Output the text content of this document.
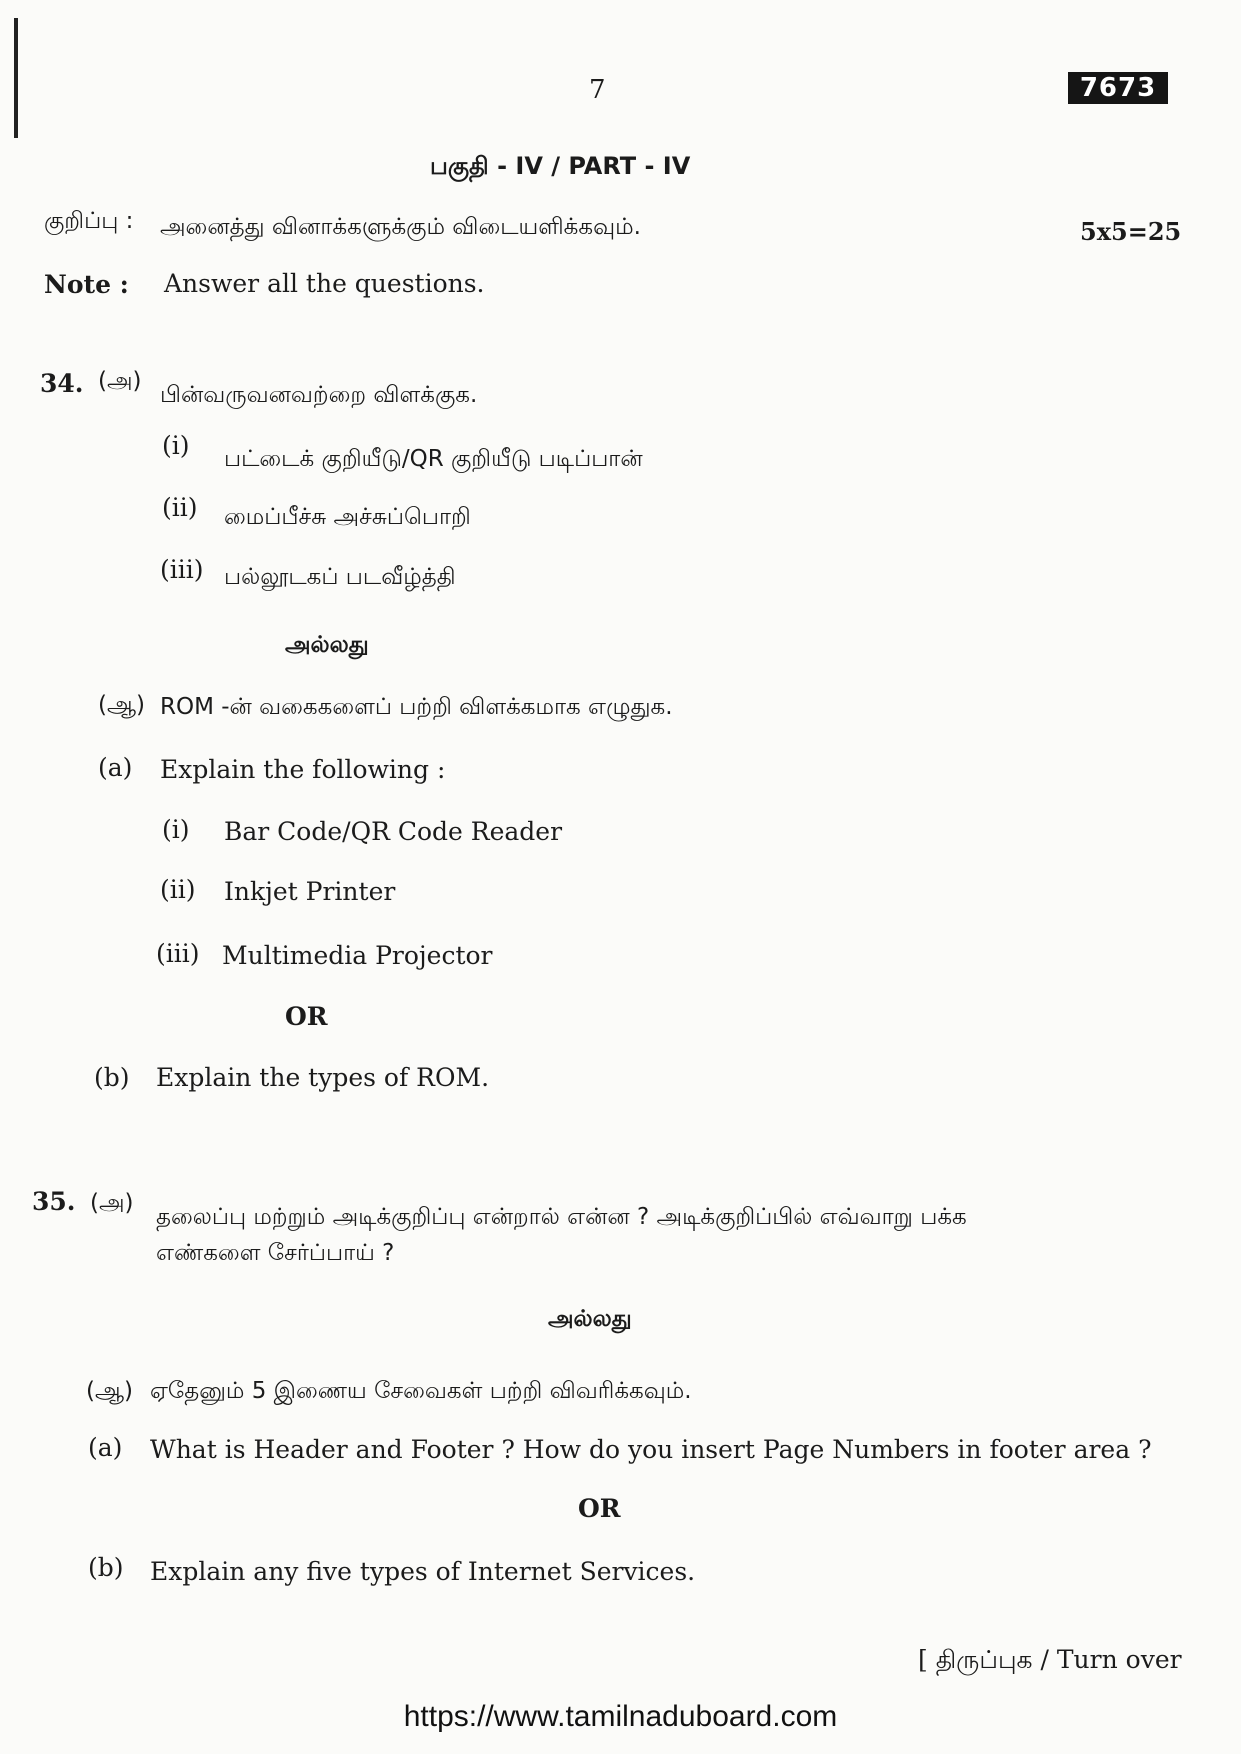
7	7673
பகுதி - IV / PART - IV
குறிப்பு : அனைத்து வினாக்களுக்கும் விடையளிக்கவும்.	5x5=25
Note : Answer all the questions.
34. (அ)
பின்வருவனவற்றை விளக்குக.
(i) பட்டைக் குறியீடு/QR குறியீடு படிப்பான்
(ii) மைப்பீச்சு அச்சுப்பொறி
(iii) பல்லூடகப் படவீழ்த்தி
அல்லது
(ஆ) ROM -ன் வகைகளைப் பற்றி விளக்கமாக எழுதுக.
(a) Explain the following :
(i) Bar Code/QR Code Reader
(ii) Inkjet Printer
(iii) Multimedia Projector
OR
(b) Explain the types of ROM.
35. (அ)
தலைப்பு மற்றும் அடிக்குறிப்பு என்றால் என்ன ? அடிக்குறிப்பில் எவ்வாறு பக்க
எண்களை சேர்ப்பாய் ?
அல்லது
(ஆ) ஏதேனும் 5 இணைய சேவைகள் பற்றி விவரிக்கவும்.
(a) What is Header and Footer ? How do you insert Page Numbers in footer area ?
OR
(b) Explain any five types of Internet Services.
[ திருப்புக / Turn over
https://www.tamilnaduboard.com
